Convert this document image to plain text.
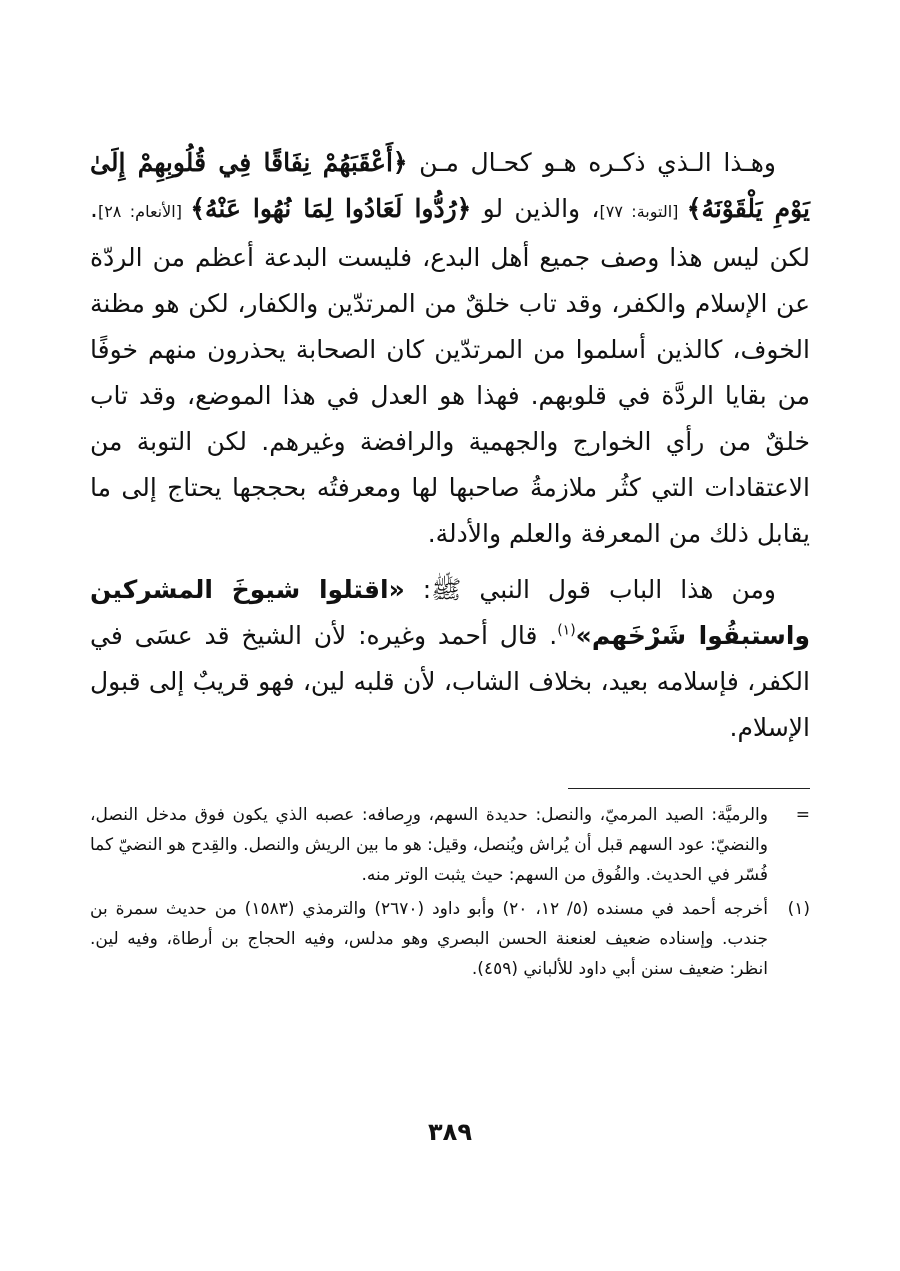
وهـذا الـذي ذكـره هـو كحـال مـن ﴿أَعْقَبَهُمْ نِفَاقًا فِي قُلُوبِهِمْ إِلَىٰ يَوْمِ يَلْقَوْنَهُ﴾ [التوبة: ٧٧]، والذين لو ﴿رُدُّوا لَعَادُوا لِمَا نُهُوا عَنْهُ﴾ [الأنعام: ٢٨]. لكن ليس هذا وصف جميع أهل البدع، فليست البدعة أعظم من الردّة عن الإسلام والكفر، وقد تاب خلقٌ من المرتدّين والكفار، لكن هو مظنة الخوف، كالذين أسلموا من المرتدّين كان الصحابة يحذرون منهم خوفًا من بقايا الردَّة في قلوبهم. فهذا هو العدل في هذا الموضع، وقد تاب خلقٌ من رأي الخوارج والجهمية والرافضة وغيرهم. لكن التوبة من الاعتقادات التي كثُر ملازمةُ صاحبها لها ومعرفتُه بحججها يحتاج إلى ما يقابل ذلك من المعرفة والعلم والأدلة.

ومن هذا الباب قول النبي ﷺ: «اقتلوا شيوخَ المشركين واستبقُوا شَرْخَهم»$^{(١)}$. قال أحمد وغيره: لأن الشيخ قد عسَى في الكفر، فإسلامه بعيد، بخلاف الشاب، لأن قلبه لين، فهو قريبٌ إلى قبول الإسلام.

=
والرميَّة: الصيد المرميّ، والنصل: حديدة السهم، ورِصافه: عصبه الذي يكون فوق مدخل النصل، والنضيّ: عود السهم قبل أن يُراش ويُنصل، وقيل: هو ما بين الريش والنصل. والقِدح هو النضيّ كما فُسّر في الحديث. والفُوق من السهم: حيث يثبت الوتر منه.
(١)
أخرجه أحمد في مسنده (٥/ ١٢، ٢٠) وأبو داود (٢٦٧٠) والترمذي (١٥٨٣) من حديث سمرة بن جندب. وإسناده ضعيف لعنعنة الحسن البصري وهو مدلس، وفيه الحجاج بن أرطاة، وفيه لين. انظر: ضعيف سنن أبي داود للألباني (٤٥٩).
٣٨٩
